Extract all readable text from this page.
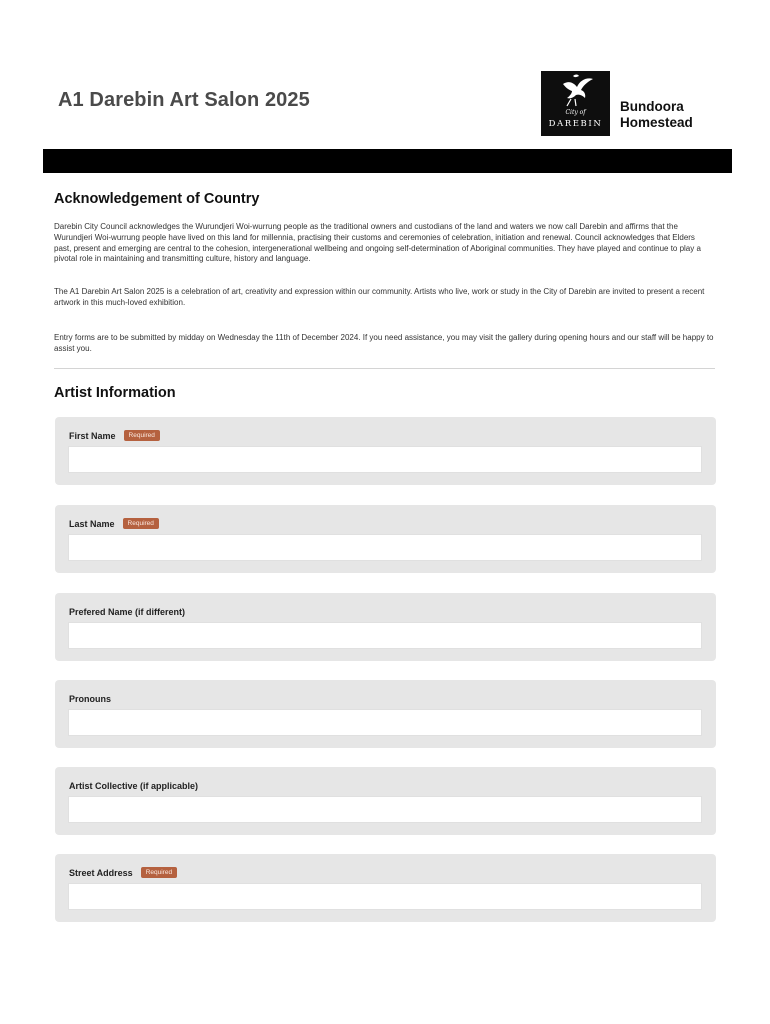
A1 Darebin Art Salon 2025
City of
DAREBIN
Bundoora
Homestead
Acknowledgement of Country

Darebin City Council acknowledges the Wurundjeri Woi-wurrung people as the traditional owners and custodians of the land and waters we now call Darebin and affirms that the Wurundjeri Woi-wurrung people have lived on this land for millennia, practising their customs and ceremonies of celebration, initiation and renewal. Council acknowledges that Elders past, present and emerging are central to the cohesion, intergenerational wellbeing and ongoing self-determination of Aboriginal communities. They have played and continue to play a pivotal role in maintaining and transmitting culture, history and language.

The A1 Darebin Art Salon 2025 is a celebration of art, creativity and expression within our community. Artists who live, work or study in the City of Darebin are invited to present a recent artwork in this much-loved exhibition.

Entry forms are to be submitted by midday on Wednesday the 11th of December 2024. If you need assistance, you may visit the gallery during opening hours and our staff will be happy to assist you.

Artist Information
First Name	Required
Last Name	Required
Prefered Name (if different)
Pronouns
Artist Collective (if applicable)
Street Address	Required
